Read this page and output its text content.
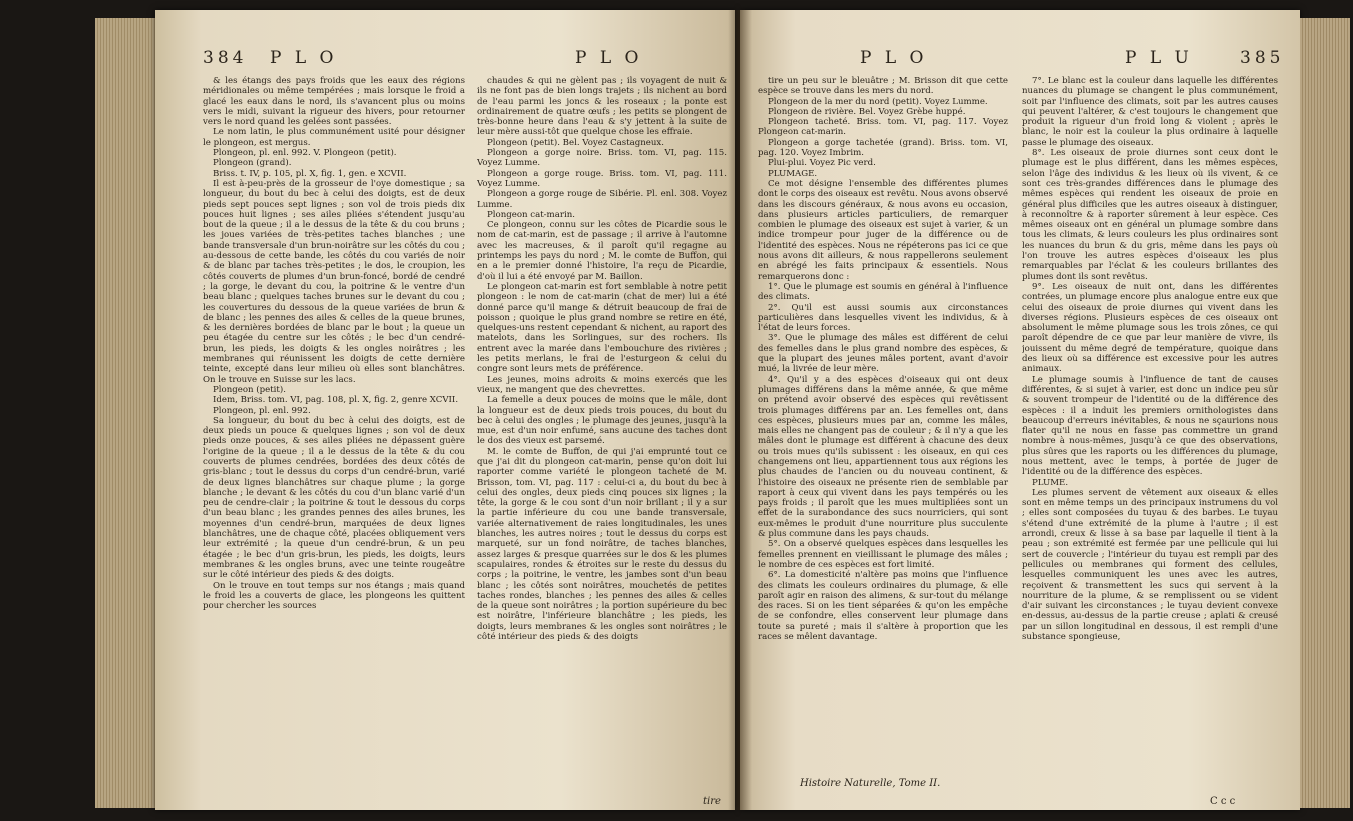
384 P L O	P L O

& les étangs des pays froids que les eaux des régions méridionales ou même tempérées ; mais lorsque le froid a glacé les eaux dans le nord, ils s'avancent plus ou moins vers le midi, suivant la rigueur des hivers, pour retourner vers le nord quand les gelées sont passées.

Le nom latin, le plus communément usité pour désigner le plongeon, est mergus.

Plongeon, pl. enl. 992. V. Plongeon (petit).

Plongeon (grand).

Briss. t. IV, p. 105, pl. X, fig. 1, gen. e XCVII.

Il est à-peu-près de la grosseur de l'oye domestique ; sa longueur, du bout du bec à celui des doigts, est de deux pieds sept pouces sept lignes ; son vol de trois pieds dix pouces huit lignes ; ses ailes pliées s'étendent jusqu'au bout de la queue ; il a le dessus de la tête & du cou bruns ; les joues variées de très-petites taches blanches ; une bande transversale d'un brun-noirâtre sur les côtés du cou ; au-dessous de cette bande, les côtés du cou variés de noir & de blanc par taches très-petites ; le dos, le croupion, les côtés couverts de plumes d'un brun-foncé, bordé de cendré ; la gorge, le devant du cou, la poitrine & le ventre d'un beau blanc ; quelques taches brunes sur le devant du cou ; les couvertures du dessous de la queue variées de brun & de blanc ; les pennes des ailes & celles de la queue brunes, & les dernières bordées de blanc par le bout ; la queue un peu étagée du centre sur les côtés ; le bec d'un cendré-brun, les pieds, les doigts & les ongles noirâtres ; les membranes qui réunissent les doigts de cette dernière teinte, excepté dans leur milieu où elles sont blanchâtres. On le trouve en Suisse sur les lacs.

Plongeon (petit).

Idem, Briss. tom. VI, pag. 108, pl. X, fig. 2, genre XCVII.

Plongeon, pl. enl. 992.

Sa longueur, du bout du bec à celui des doigts, est de deux pieds un pouce & quelques lignes ; son vol de deux pieds onze pouces, & ses ailes pliées ne dépassent guère l'origine de la queue ; il a le dessus de la tête & du cou couverts de plumes cendrées, bordées des deux côtés de gris-blanc ; tout le dessus du corps d'un cendré-brun, varié de deux lignes blanchâtres sur chaque plume ; la gorge blanche ; le devant & les côtés du cou d'un blanc varié d'un peu de cendre-clair ; la poitrine & tout le dessous du corps d'un beau blanc ; les grandes pennes des ailes brunes, les moyennes d'un cendré-brun, marquées de deux lignes blanchâtres, une de chaque côté, placées obliquement vers leur extrémité ; la queue d'un cendré-brun, & un peu étagée ; le bec d'un gris-brun, les pieds, les doigts, leurs membranes & les ongles bruns, avec une teinte rougeâtre sur le côté intérieur des pieds & des doigts.

On le trouve en tout temps sur nos étangs ; mais quand le froid les a couverts de glace, les plongeons les quittent pour chercher les sources

chaudes & qui ne gèlent pas ; ils voyagent de nuit & ils ne font pas de bien longs trajets ; ils nichent au bord de l'eau parmi les joncs & les roseaux ; la ponte est ordinairement de quatre œufs ; les petits se plongent de très-bonne heure dans l'eau & s'y jettent à la suite de leur mère aussi-tôt que quelque chose les effraie.

Plongeon (petit). Bel. Voyez Castagneux.

Plongeon a gorge noire. Briss. tom. VI, pag. 115. Voyez Lumme.

Plongeon a gorge rouge. Briss. tom. VI, pag. 111. Voyez Lumme.

Plongeon a gorge rouge de Sibérie. Pl. enl. 308. Voyez Lumme.

Plongeon cat-marin.

Ce plongeon, connu sur les côtes de Picardie sous le nom de cat-marin, est de passage ; il arrive à l'automne avec les macreuses, & il paroît qu'il regagne au printemps les pays du nord ; M. le comte de Buffon, qui en a le premier donné l'histoire, l'a reçu de Picardie, d'où il lui a été envoyé par M. Baillon.

Le plongeon cat-marin est fort semblable à notre petit plongeon : le nom de cat-marin (chat de mer) lui a été donné parce qu'il mange & détruit beaucoup de frai de poisson ; quoique le plus grand nombre se retire en été, quelques-uns restent cependant & nichent, au raport des matelots, dans les Sorlingues, sur des rochers. Ils entrent avec la marée dans l'embouchure des rivières ; les petits merlans, le frai de l'esturgeon & celui du congre sont leurs mets de préférence.

Les jeunes, moins adroits & moins exercés que les vieux, ne mangent que des chevrettes.

La femelle a deux pouces de moins que le mâle, dont la longueur est de deux pieds trois pouces, du bout du bec à celui des ongles ; le plumage des jeunes, jusqu'à la mue, est d'un noir enfumé, sans aucune des taches dont le dos des vieux est parsemé.

M. le comte de Buffon, de qui j'ai emprunté tout ce que j'ai dit du plongeon cat-marin, pense qu'on doit lui raporter comme variété le plongeon tacheté de M. Brisson, tom. VI, pag. 117 : celui-ci a, du bout du bec à celui des ongles, deux pieds cinq pouces six lignes ; la tête, la gorge & le cou sont d'un noir brillant ; il y a sur la partie inférieure du cou une bande transversale, variée alternativement de raies longitudinales, les unes blanches, les autres noires ; tout le dessus du corps est marqueté, sur un fond noirâtre, de taches blanches, assez larges & presque quarrées sur le dos & les plumes scapulaires, rondes & étroites sur le reste du dessus du corps ; la poitrine, le ventre, les jambes sont d'un beau blanc ; les côtés sont noirâtres, mouchetés de petites taches rondes, blanches ; les pennes des ailes & celles de la queue sont noirâtres ; la portion supérieure du bec est noirâtre, l'inférieure blanchâtre ; les pieds, les doigts, leurs membranes & les ongles sont noirâtres ; le côté intérieur des pieds & des doigts

tire
P L O	P L U	385

tire un peu sur le bleuâtre ; M. Brisson dit que cette espèce se trouve dans les mers du nord.

Plongeon de la mer du nord (petit). Voyez Lumme.

Plongeon de rivière. Bel. Voyez Grèbe huppé.

Plongeon tacheté. Briss. tom. VI, pag. 117. Voyez Plongeon cat-marin.

Plongeon a gorge tachetée (grand). Briss. tom. VI, pag. 120. Voyez Imbrim.

Plui-plui. Voyez Pic verd.

PLUMAGE.

Ce mot désigne l'ensemble des différentes plumes dont le corps des oiseaux est revêtu. Nous avons observé dans les discours généraux, & nous avons eu occasion, dans plusieurs articles particuliers, de remarquer combien le plumage des oiseaux est sujet à varier, & un indice trompeur pour juger de la différence ou de l'identité des espèces. Nous ne répéterons pas ici ce que nous avons dit ailleurs, & nous rappellerons seulement en abrégé les faits principaux & essentiels. Nous remarquerons donc :

1°. Que le plumage est soumis en général à l'influence des climats.

2°. Qu'il est aussi soumis aux circonstances particulières dans lesquelles vivent les individus, & à l'état de leurs forces.

3°. Que le plumage des mâles est différent de celui des femelles dans le plus grand nombre des espèces, & que la plupart des jeunes mâles portent, avant d'avoir mué, la livrée de leur mère.

4°. Qu'il y a des espèces d'oiseaux qui ont deux plumages différens dans la même année, & que même on prétend avoir observé des espèces qui revêtissent trois plumages différens par an. Les femelles ont, dans ces espèces, plusieurs mues par an, comme les mâles, mais elles ne changent pas de couleur ; & il n'y a que les mâles dont le plumage est différent à chacune des deux ou trois mues qu'ils subissent : les oiseaux, en qui ces changemens ont lieu, appartiennent tous aux régions les plus chaudes de l'ancien ou du nouveau continent, & l'histoire des oiseaux ne présente rien de semblable par raport à ceux qui vivent dans les pays tempérés ou les pays froids ; il paroît que les mues multipliées sont un effet de la surabondance des sucs nourriciers, qui sont eux-mêmes le produit d'une nourriture plus succulente & plus commune dans les pays chauds.

5°. On a observé quelques espèces dans lesquelles les femelles prennent en vieillissant le plumage des mâles ; le nombre de ces espèces est fort limité.

6°. La domesticité n'altère pas moins que l'influence des climats les couleurs ordinaires du plumage, & elle paroît agir en raison des alimens, & sur-tout du mélange des races. Si on les tient séparées & qu'on les empêche de se confondre, elles conservent leur plumage dans toute sa pureté ; mais il s'altère à proportion que les races se mêlent davantage.

7°. Le blanc est la couleur dans laquelle les différentes nuances du plumage se changent le plus communément, soit par l'influence des climats, soit par les autres causes qui peuvent l'altérer, & c'est toujours le changement que produit la rigueur d'un froid long & violent ; après le blanc, le noir est la couleur la plus ordinaire à laquelle passe le plumage des oiseaux.

8°. Les oiseaux de proie diurnes sont ceux dont le plumage est le plus différent, dans les mêmes espèces, selon l'âge des individus & les lieux où ils vivent, & ce sont ces très-grandes différences dans le plumage des mêmes espèces qui rendent les oiseaux de proie en général plus difficiles que les autres oiseaux à distinguer, à reconnoître & à raporter sûrement à leur espèce. Ces mêmes oiseaux ont en général un plumage sombre dans tous les climats, & leurs couleurs les plus ordinaires sont les nuances du brun & du gris, même dans les pays où l'on trouve les autres espèces d'oiseaux les plus remarquables par l'éclat & les couleurs brillantes des plumes dont ils sont revêtus.

9°. Les oiseaux de nuit ont, dans les différentes contrées, un plumage encore plus analogue entre eux que celui des oiseaux de proie diurnes qui vivent dans les diverses régions. Plusieurs espèces de ces oiseaux ont absolument le même plumage sous les trois zônes, ce qui paroît dépendre de ce que par leur manière de vivre, ils jouissent du même degré de température, quoique dans des lieux où sa différence est excessive pour les autres animaux.

Le plumage soumis à l'influence de tant de causes différentes, & si sujet à varier, est donc un indice peu sûr & souvent trompeur de l'identité ou de la différence des espèces : il a induit les premiers ornithologistes dans beaucoup d'erreurs inévitables, & nous ne sçaurions nous flater qu'il ne nous en fasse pas commettre un grand nombre à nous-mêmes, jusqu'à ce que des observations, plus sûres que les raports ou les différences du plumage, nous mettent, avec le temps, à portée de juger de l'identité ou de la différence des espèces.

PLUME.

Les plumes servent de vêtement aux oiseaux & elles sont en même temps un des principaux instrumens du vol ; elles sont composées du tuyau & des barbes. Le tuyau s'étend d'une extrémité de la plume à l'autre ; il est arrondi, creux & lisse à sa base par laquelle il tient à la peau ; son extrémité est fermée par une pellicule qui lui sert de couvercle ; l'intérieur du tuyau est rempli par des pellicules ou membranes qui forment des cellules, lesquelles communiquent les unes avec les autres, reçoivent & transmettent les sucs qui servent à la nourriture de la plume, & se remplissent ou se vident d'air suivant les circonstances ; le tuyau devient convexe en-dessus, au-dessus de la partie creuse ; aplati & creusé par un sillon longitudinal en dessous, il est rempli d'une substance spongieuse,

Histoire Naturelle, Tome II.
C c c
